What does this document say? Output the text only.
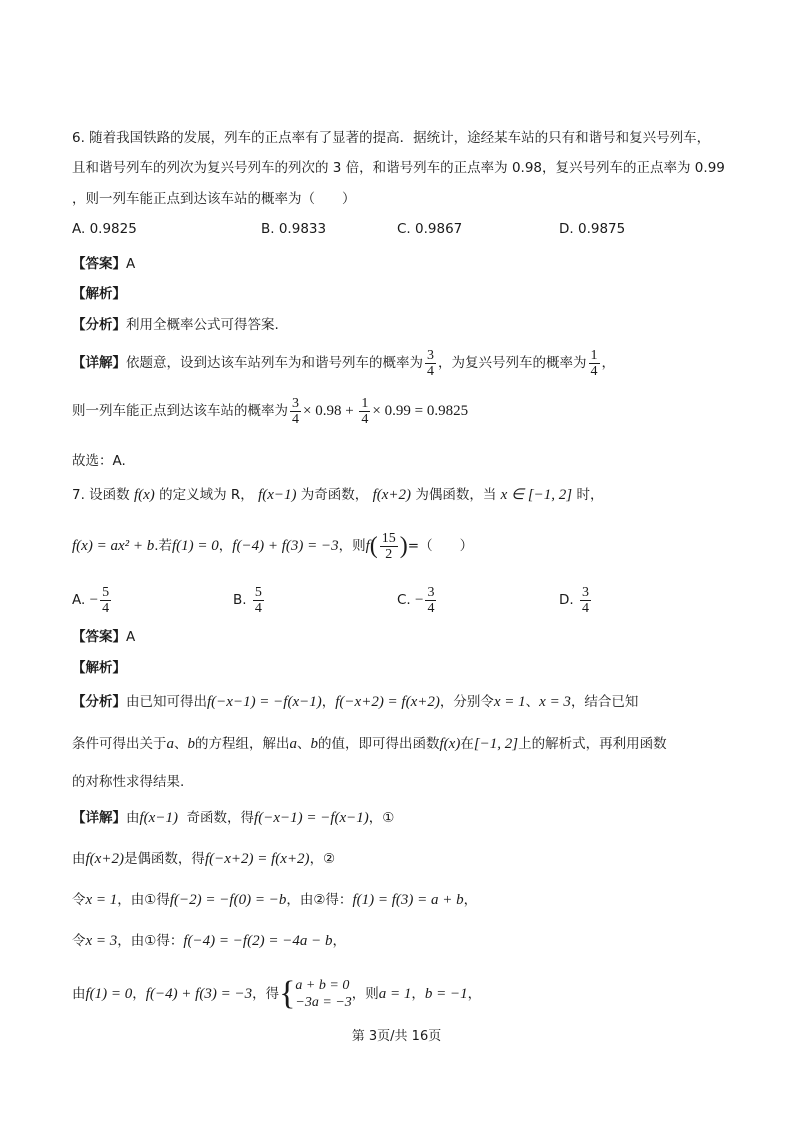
6. 随着我国铁路的发展，列车的正点率有了显著的提高．据统计，途经某车站的只有和谐号和复兴号列车，
且和谐号列车的列次为复兴号列车的列次的 3 倍，和谐号列车的正点率为 0.98，复兴号列车的正点率为 0.99
，则一列车能正点到达该车站的概率为（　　）
A. 0.9825	B. 0.9833	C. 0.9867	D. 0.9875
【答案】A
【解析】
【分析】利用全概率公式可得答案.
【详解】依题意，设到达该车站列车为和谐号列车的概率为 $\frac{3}{4}$ ，为复兴号列车的概率为 $\frac{1}{4}$ ，
则一列车能正点到达该车站的概率为 $\frac{3}{4} \times 0.98 + \frac{1}{4} \times 0.99 = 0.9825$
故选：A.
7. 设函数 f(x) 的定义域为 R， f(x−1) 为奇函数， f(x+2) 为偶函数，当 x ∈ [−1, 2] 时，
f(x) = ax² + b.若f(1) = 0，f(−4) + f(3) = −3，则$f( \frac{15}{2}$ )=（　　）
A. − $\frac{5}{4}$	B. $\frac{5}{4}$	C. − $\frac{3}{4}$	D. $\frac{3}{4}$
【答案】A
【解析】
【分析】由已知可得出f(−x−1) = −f(x−1)，f(−x+2) = f(x+2)，分别令x = 1、x = 3，结合已知
条件可得出关于a、b的方程组，解出a、b的值，即可得出函数f(x)在[−1, 2]上的解析式，再利用函数
的对称性求得结果.
【详解】由f(x−1) 奇函数，得f(−x−1) = −f(x−1)，①
由f(x+2)是偶函数，得f(−x+2) = f(x+2)，②
令x = 1，由①得f(−2) = −f(0) = −b，由②得：f(1) = f(3) = a + b，
令x = 3，由①得：f(−4) = −f(2) = −4a − b，
由f(1) = 0，f(−4) + f(3) = −3，得 { a + b = 0
−3a = −3
，则a = 1，b = −1，
第 3页/共 16页
